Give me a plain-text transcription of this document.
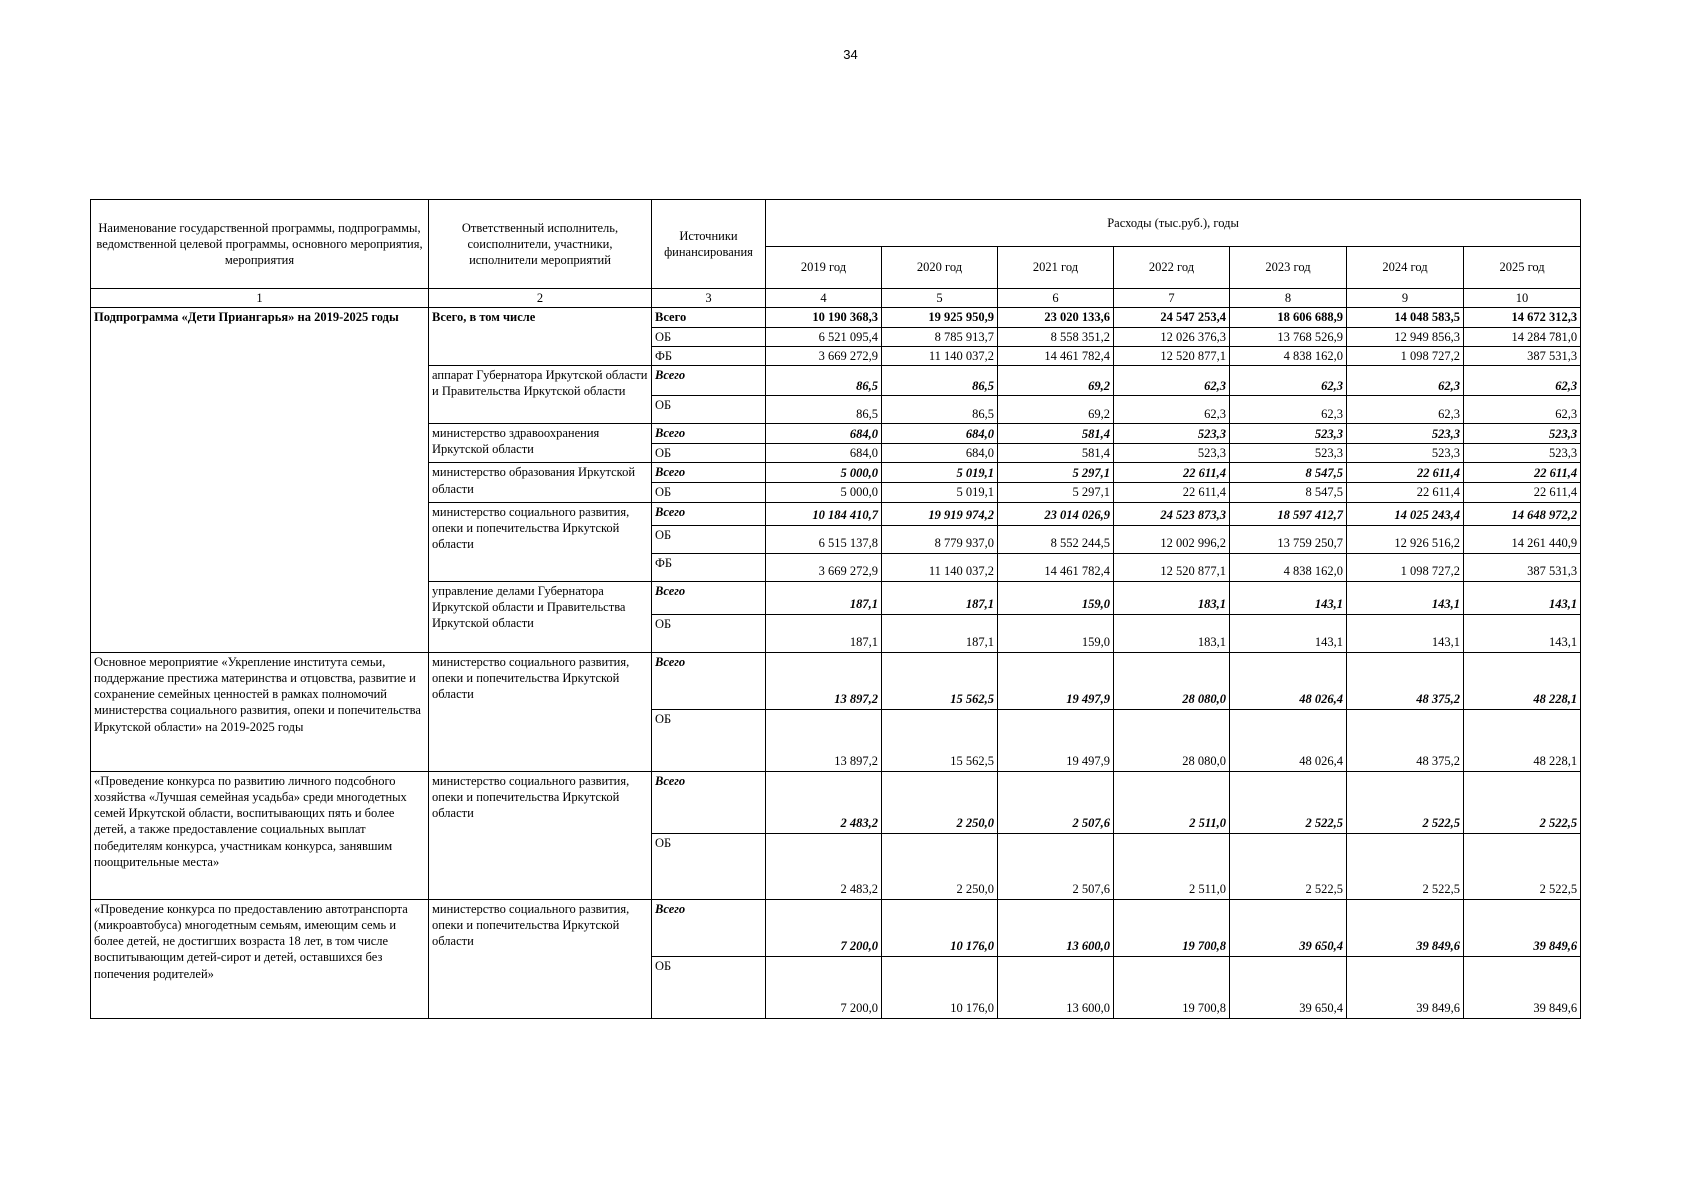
34
Наименование государственной программы, подпрограммы, ведомственной целевой программы, основного мероприятия, мероприятия	Ответственный исполнитель, соисполнители, участники, исполнители мероприятий	Источники финансирования	Расходы (тыс.руб.), годы						
			2019 год	2020 год	2021 год	2022 год	2023 год	2024 год	2025 год
1	2	3	4	5	6	7	8	9	10
Подпрограмма «Дети Приангарья» на 2019-2025 годы	Всего, в том числе	Всего	10 190 368,3	19 925 950,9	23 020 133,6	24 547 253,4	18 606 688,9	14 048 583,5	14 672 312,3
		ОБ	6 521 095,4	8 785 913,7	8 558 351,2	12 026 376,3	13 768 526,9	12 949 856,3	14 284 781,0
		ФБ	3 669 272,9	11 140 037,2	14 461 782,4	12 520 877,1	4 838 162,0	1 098 727,2	387 531,3
	аппарат Губернатора Иркутской области и Правительства Иркутской области	Всего	86,5	86,5	69,2	62,3	62,3	62,3	62,3
		ОБ	86,5	86,5	69,2	62,3	62,3	62,3	62,3
	министерство здравоохранения Иркутской области	Всего	684,0	684,0	581,4	523,3	523,3	523,3	523,3
		ОБ	684,0	684,0	581,4	523,3	523,3	523,3	523,3
	министерство образования Иркутской области	Всего	5 000,0	5 019,1	5 297,1	22 611,4	8 547,5	22 611,4	22 611,4
		ОБ	5 000,0	5 019,1	5 297,1	22 611,4	8 547,5	22 611,4	22 611,4
	министерство социального развития, опеки и попечительства Иркутской области	Всего	10 184 410,7	19 919 974,2	23 014 026,9	24 523 873,3	18 597 412,7	14 025 243,4	14 648 972,2
		ОБ	6 515 137,8	8 779 937,0	8 552 244,5	12 002 996,2	13 759 250,7	12 926 516,2	14 261 440,9
		ФБ	3 669 272,9	11 140 037,2	14 461 782,4	12 520 877,1	4 838 162,0	1 098 727,2	387 531,3
	управление делами Губернатора Иркутской области и Правительства Иркутской области	Всего	187,1	187,1	159,0	183,1	143,1	143,1	143,1
		ОБ	187,1	187,1	159,0	183,1	143,1	143,1	143,1
Основное мероприятие «Укрепление института семьи, поддержание престижа материнства и отцовства, развитие и сохранение семейных ценностей в рамках полномочий министерства социального развития, опеки и попечительства Иркутской области» на 2019-2025 годы	министерство социального развития, опеки и попечительства Иркутской области	Всего	13 897,2	15 562,5	19 497,9	28 080,0	48 026,4	48 375,2	48 228,1
		ОБ	13 897,2	15 562,5	19 497,9	28 080,0	48 026,4	48 375,2	48 228,1
«Проведение конкурса по развитию личного подсобного хозяйства «Лучшая семейная усадьба» среди многодетных семей Иркутской области, воспитывающих пять и более детей, а также предоставление социальных выплат победителям конкурса, участникам конкурса, занявшим поощрительные места»	министерство социального развития, опеки и попечительства Иркутской области	Всего	2 483,2	2 250,0	2 507,6	2 511,0	2 522,5	2 522,5	2 522,5
		ОБ	2 483,2	2 250,0	2 507,6	2 511,0	2 522,5	2 522,5	2 522,5
«Проведение конкурса по предоставлению автотранспорта (микроавтобуса) многодетным семьям, имеющим семь и более детей, не достигших возраста 18 лет, в том числе воспитывающим детей-сирот и детей, оставшихся без попечения родителей»	министерство социального развития, опеки и попечительства Иркутской области	Всего	7 200,0	10 176,0	13 600,0	19 700,8	39 650,4	39 849,6	39 849,6
		ОБ	7 200,0	10 176,0	13 600,0	19 700,8	39 650,4	39 849,6	39 849,6
